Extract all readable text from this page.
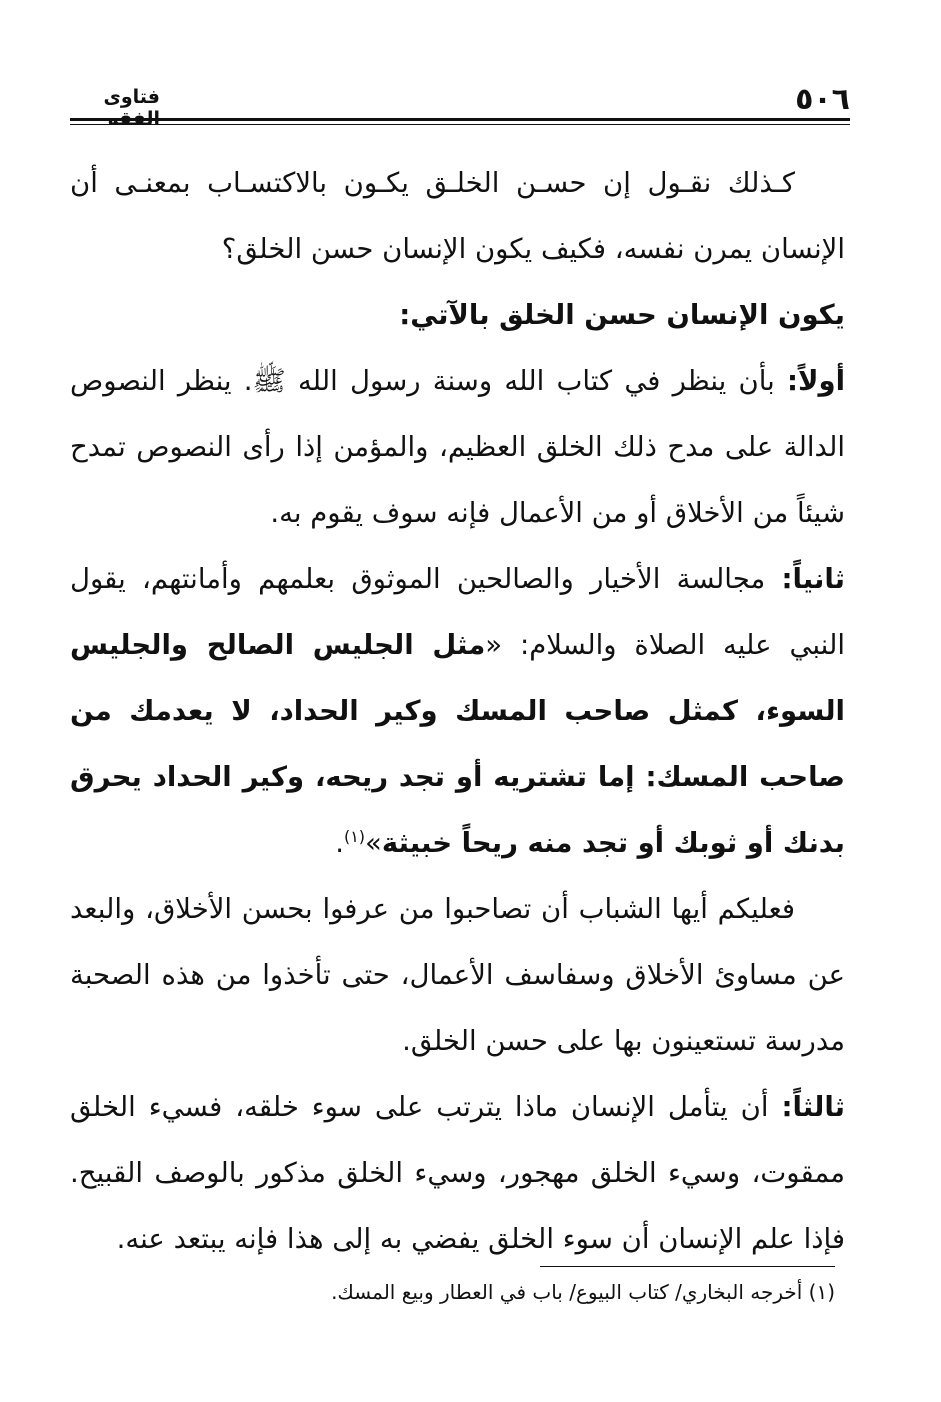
٥٠٦
فتاوى الفقه

كـذلك نقـول إن حسـن الخلـق يكـون بالاكتسـاب بمعنـى أن الإنسان يمرن نفسه، فكيف يكون الإنسان حسن الخلق؟

يكون الإنسان حسن الخلق بالآتي:

أولاً: بأن ينظر في كتاب الله وسنة رسول الله ﷺ. ينظر النصوص الدالة على مدح ذلك الخلق العظيم، والمؤمن إذا رأى النصوص تمدح شيئاً من الأخلاق أو من الأعمال فإنه سوف يقوم به.

ثانياً: مجالسة الأخيار والصالحين الموثوق بعلمهم وأمانتهم، يقول النبي عليه الصلاة والسلام: «مثل الجليس الصالح والجليس السوء، كمثل صاحب المسك وكير الحداد، لا يعدمك من صاحب المسك: إما تشتريه أو تجد ريحه، وكير الحداد يحرق بدنك أو ثوبك أو تجد منه ريحاً خبيثة»$^{(١)}$.

فعليكم أيها الشباب أن تصاحبوا من عرفوا بحسن الأخلاق، والبعد عن مساوئ الأخلاق وسفاسف الأعمال، حتى تأخذوا من هذه الصحبة مدرسة تستعينون بها على حسن الخلق.

ثالثاً: أن يتأمل الإنسان ماذا يترتب على سوء خلقه، فسيء الخلق ممقوت، وسيء الخلق مهجور، وسيء الخلق مذكور بالوصف القبيح. فإذا علم الإنسان أن سوء الخلق يفضي به إلى هذا فإنه يبتعد عنه.

(١) أخرجه البخاري/ كتاب البيوع/ باب في العطار وبيع المسك.
